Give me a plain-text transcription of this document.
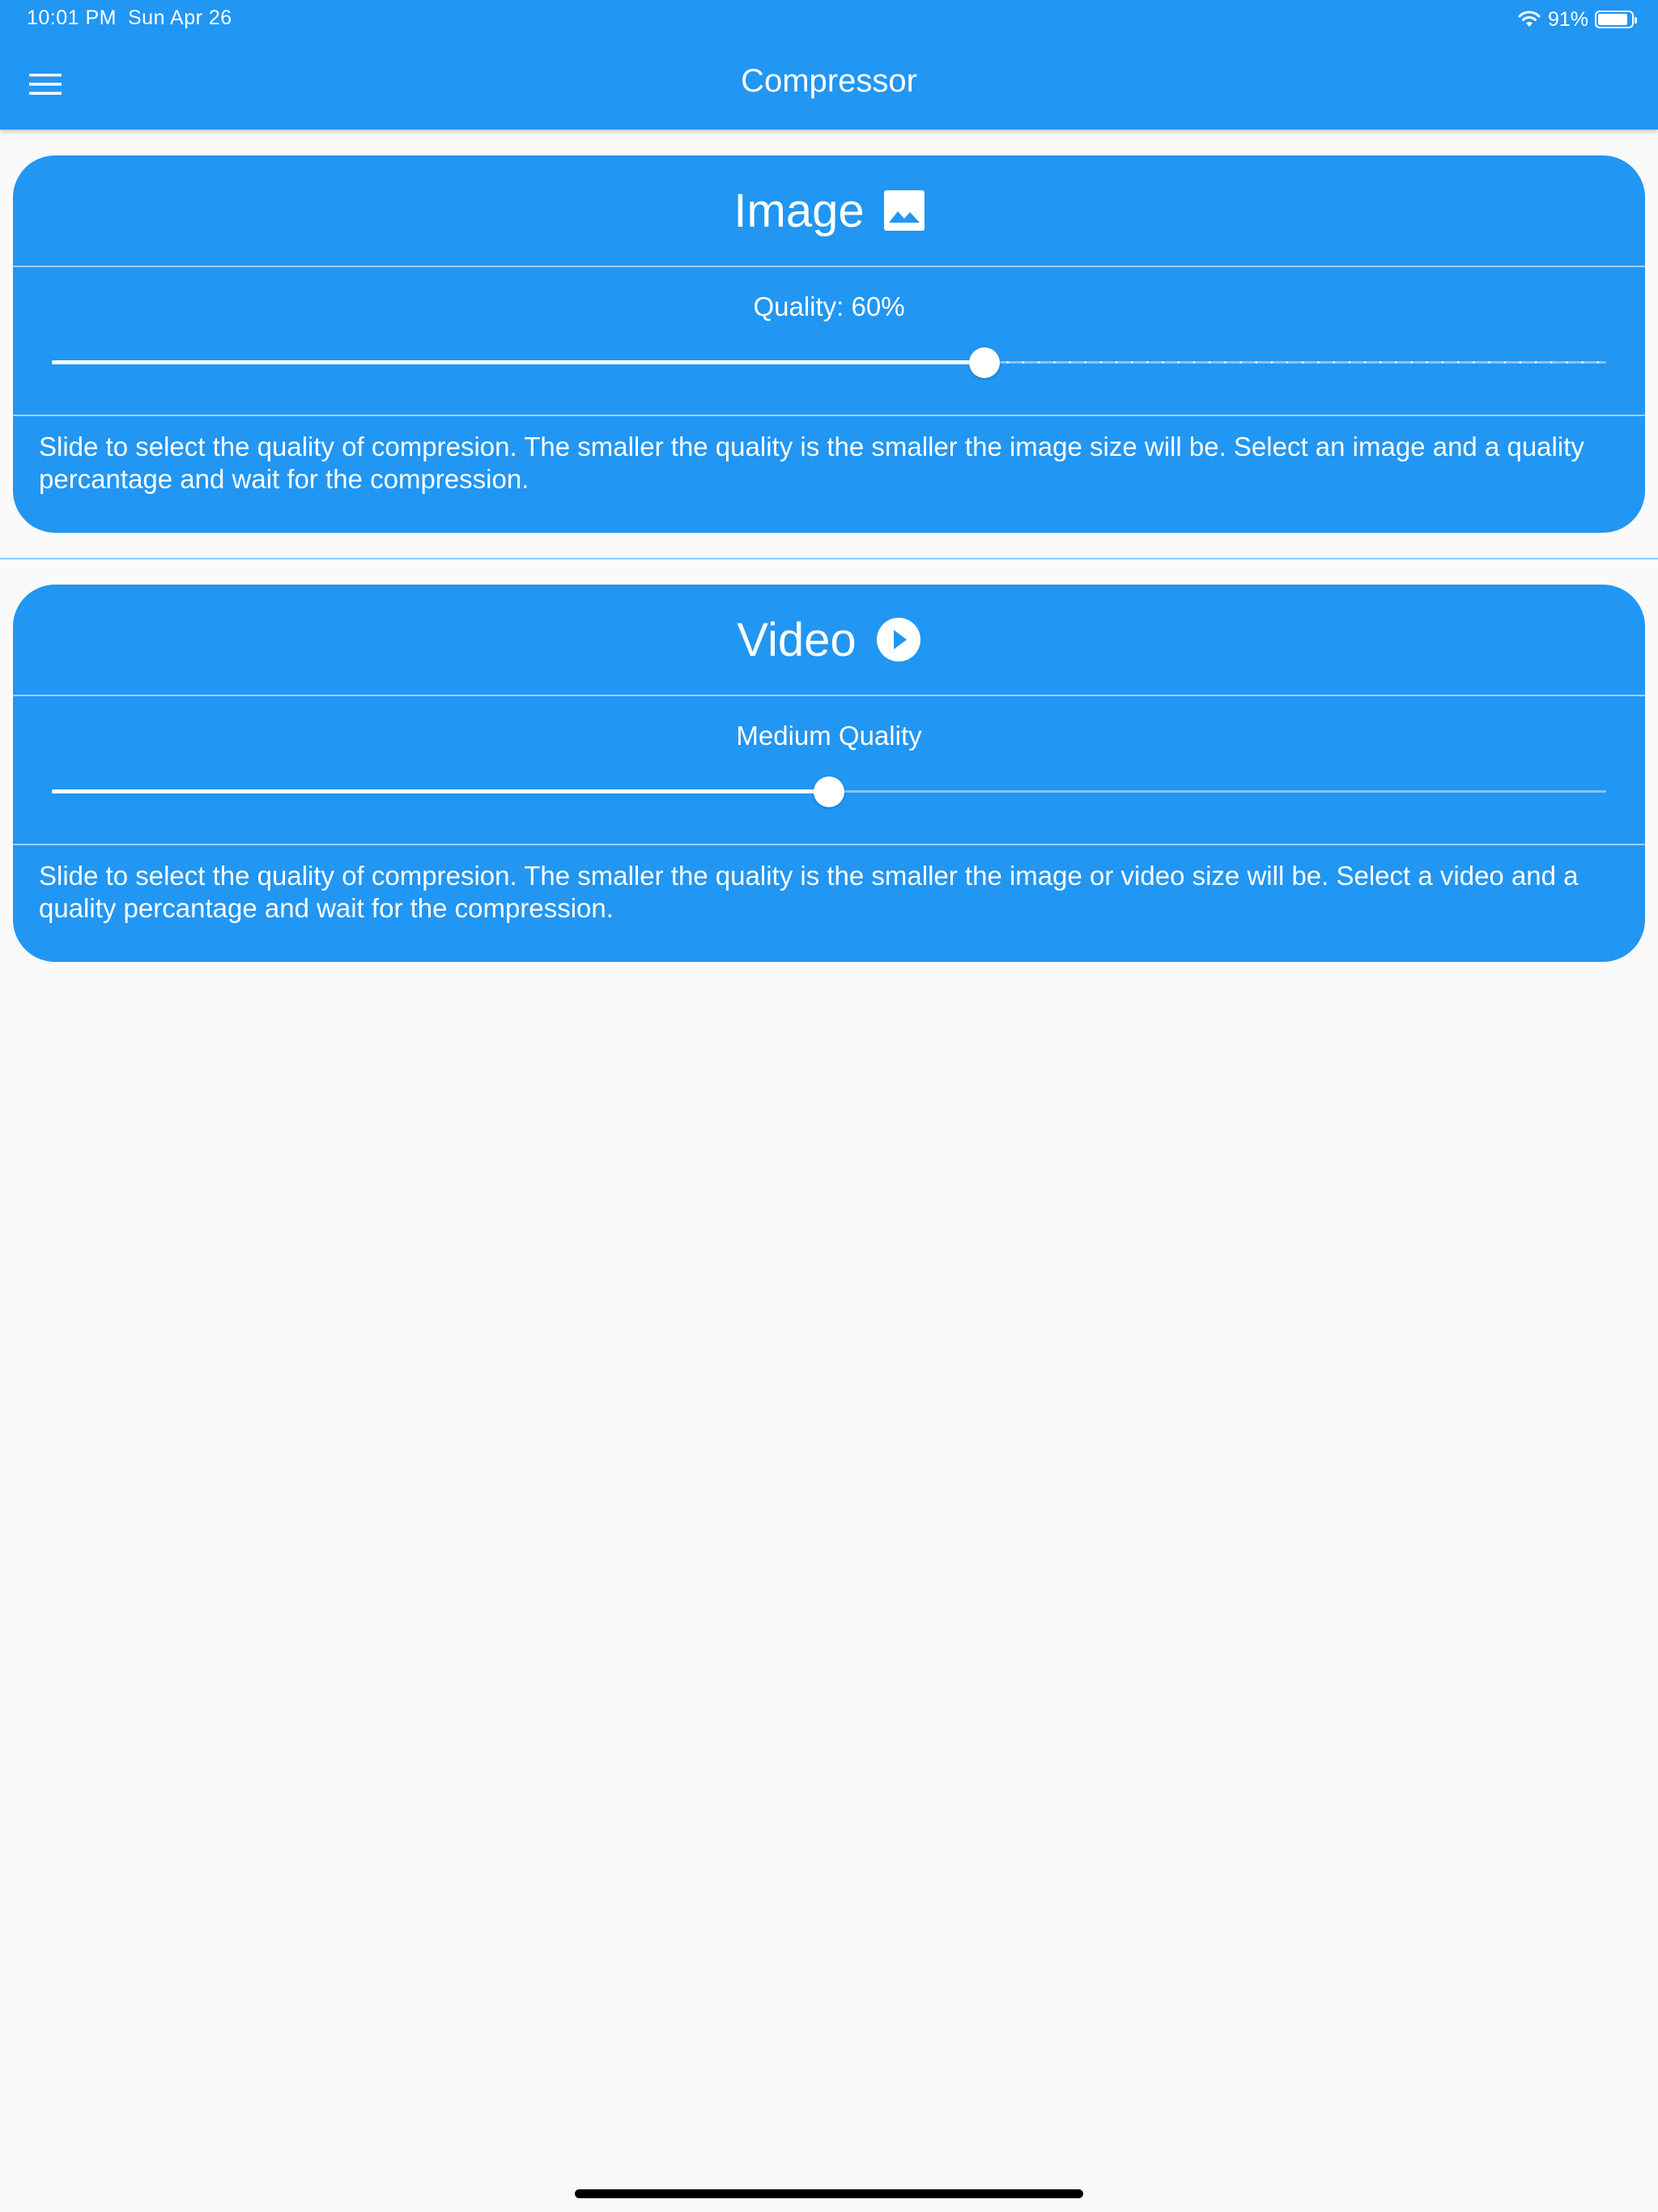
10:01 PM Sun Apr 26	91%
Compressor
Image
Quality: 60%
Slide to select the quality of compresion. The smaller the quality is the smaller the image size will be. Select an image and a quality percantage and wait for the compression.
Video
Medium Quality
Slide to select the quality of compresion. The smaller the quality is the smaller the image or video size will be. Select a video and a quality percantage and wait for the compression.
